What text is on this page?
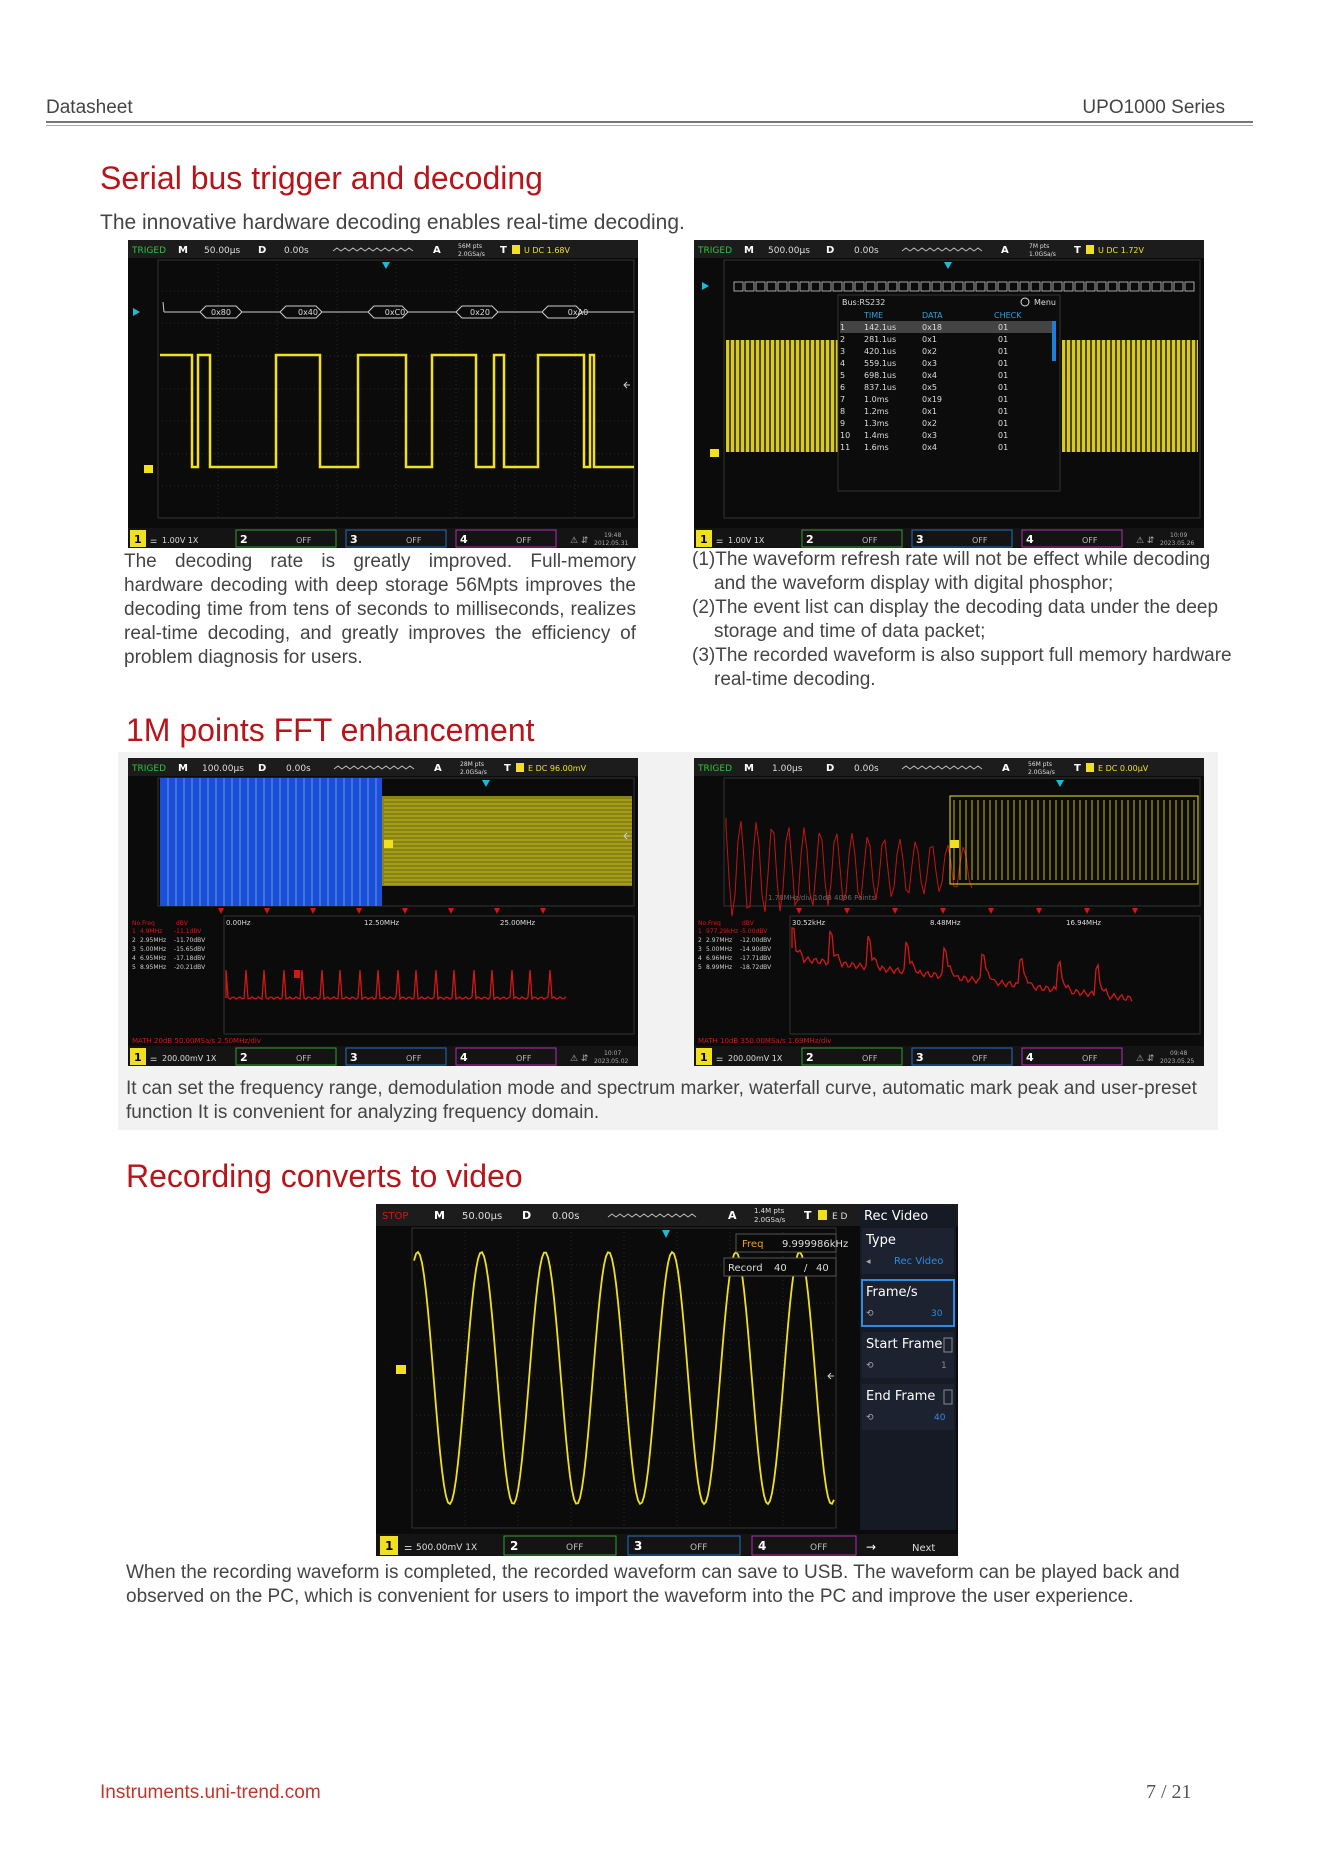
Datasheet	UPO1000 Series
Serial bus trigger and decoding

The innovative hardware decoding enables real-time decoding.

TRIGED M 50.00µs D 0.00s	A	56M pts
2.0GSa/s T U DC 1.68V
0x80	0x40	0xC0	0x20	0xA0
1 ⚌ 1.00V 1X	2	OFF	3	OFF	4	OFF	⚠ ⇵
19:48
2012.05.31
TRIGED M 500.00µs D 0.00s	A	7M pts
1.0GSa/s T U DC 1.72V
Bus:RS232	Menu
TIME	DATA	CHECK
1 142.1us	0x18	01
2 281.1us	0x1	01
3 420.1us	0x2	01
4 559.1us	0x3	01
5 698.1us	0x4	01
6 837.1us	0x5	01
7 1.0ms	0x19	01
8 1.2ms	0x1	01
9 1.3ms	0x2	01
10 1.4ms	0x3	01
11 1.6ms	0x4	01
1 ⚌ 1.00V 1X	2	OFF	3	OFF	4	OFF	⚠ ⇵
10:09
2023.05.26

The decoding rate is greatly improved. Full-memory hardware decoding with deep storage 56Mpts improves the decoding time from tens of seconds to milliseconds, realizes real-time decoding, and greatly improves the efficiency of problem diagnosis for users.

(1)The waveform refresh rate will not be effect while decoding and the waveform display with digital phosphor;

(2)The event list can display the decoding data under the deep storage and time of data packet;

(3)The recorded waveform is also support full memory hardware real-time decoding.

1M points FFT enhancement
TRIGED M 100.00µs D 0.00s	A	28M pts
2.0GSa/s T E DC 96.00mV
0.00Hz	12.50MHz	25.00MHz
No. Freq	dBV
1 4.9MHz -11.1dBV
2 2.95MHz -11.70dBV
3 5.00MHz -15.65dBV
4 6.95MHz -17.18dBV
5 8.95MHz -20.21dBV
MATH 20dB 50.00MSa/s 2.50MHz/div
1 ⚌ 200.00mV 1X 2	OFF	3	OFF	4	OFF	⚠ ⇵
10:07
2023.05.02
TRIGED M 1.00µs D 0.00s	A	56M pts
2.0GSa/s T E DC 0.00µV
1.78MHz/div 10dB 4096 Points
30.52kHz	8.48MHz	16.94MHz
No. Freq	dBV
1 977.29kHz -5.00dBV
2 2.97MHz -12.00dBV
3 5.00MHz -14.90dBV
4 6.96MHz -17.71dBV
5 8.99MHz -18.72dBV
MATH 10dB 350.00MSa/s 1.69MHz/div
1 ⚌ 200.00mV 1X 2	OFF	3	OFF	4	OFF	⚠ ⇵
09:48
2023.05.25

It can set the frequency range, demodulation mode and spectrum marker, waterfall curve, automatic mark peak and user-preset function It is convenient for analyzing frequency domain.

Recording converts to video
STOP M 50.00µs D 0.00s	A 1.4M pts
2.0GSa/s T E D
Freq 9.999986kHz
Record 40 / 40
Rec Video
Type
◂ Rec Video
Frame/s
⟲	30
Start Frame
⟲	1
End Frame
⟲	40
1 ⚌ 500.00mV 1X	2	OFF	3	OFF	4	OFF	→	Next

When the recording waveform is completed, the recorded waveform can save to USB. The waveform can be played back and observed on the PC, which is convenient for users to import the waveform into the PC and improve the user experience.

Instruments.uni-trend.com	7 / 21
